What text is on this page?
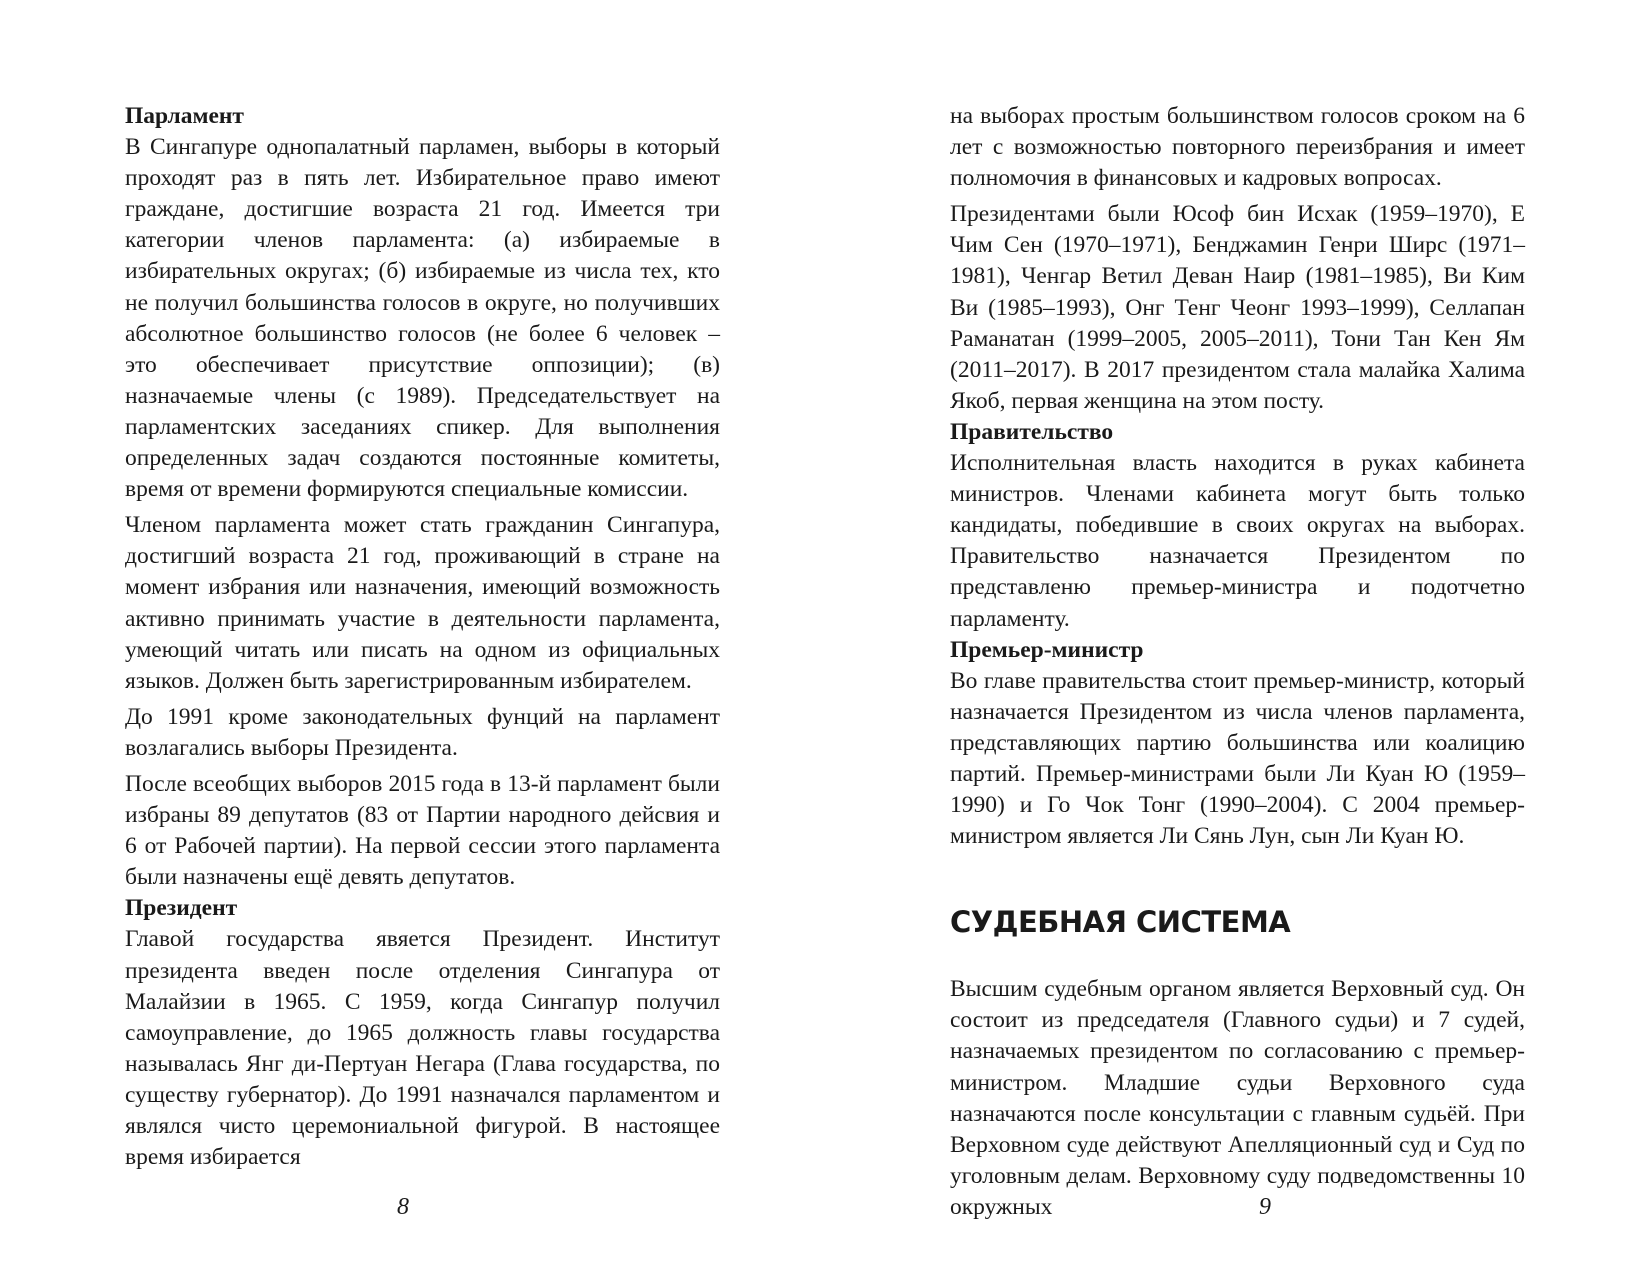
Парламент

В Сингапуре однопалатный парламен, выборы в который проходят раз в пять лет. Избирательное право имеют граждане, достигшие возраста 21 год. Имеется три категории членов парламента: (а) избираемые в избирательных округах; (б) избираемые из числа тех, кто не получил большинства голосов в округе, но получивших абсолютное большинство голосов (не более 6 человек – это обеспечивает присутствие оппозиции); (в) назначаемые члены (с 1989). Председательствует на парламентских заседаниях спикер. Для выполнения определенных задач создаются постоянные комитеты, время от времени формируются специальные комиссии.

Членом парламента может стать гражданин Сингапура, достигший возраста 21 год, проживающий в стране на момент избрания или назначения, имеющий возможность активно принимать участие в деятельности парламента, умеющий читать или писать на одном из официальных языков. Должен быть зарегистрированным избирателем.

До 1991 кроме законодательных фунций на парламент возлагались выборы Президента.

После всеобщих выборов 2015 года в 13-й парламент были избраны 89 депутатов (83 от Партии народного дейсвия и 6 от Рабочей партии). На первой сессии этого парламента были назначены ещё девять депутатов.

Президент

Главой государства явяется Президент. Институт президента введен после отделения Сингапура от Малайзии в 1965. С 1959, когда Сингапур получил самоуправление, до 1965 должность главы государства называлась Янг ди-Пертуан Негара (Глава государства, по существу губернатор). До 1991 назначался парламентом и являлся чисто церемониальной фигурой. В настоящее время избирается

8

на выборах простым большинством голосов сроком на 6 лет с возможностью повторного переизбрания и имеет полномочия в финансовых и кадровых вопросах.

Президентами были Юсоф бин Исхак (1959–1970), Е Чим Сен (1970–1971), Бенджамин Генри Ширс (1971–1981), Ченгар Ветил Деван Наир (1981–1985), Ви Ким Ви (1985–1993), Онг Тенг Чеонг 1993–1999), Селлапан Раманатан (1999–2005, 2005–2011), Тони Тан Кен Ям (2011–2017). В 2017 президентом стала малайка Халима Якоб, первая женщина на этом посту.

Правительство

Исполнительная власть находится в руках кабинета министров. Членами кабинета могут быть только кандидаты, победившие в своих округах на выборах. Правительство назначается Президентом по представленю премьер-министра и подотчетно парламенту.

Премьер-министр

Во главе правительства стоит премьер-министр, который назначается Президентом из числа членов парламента, представляющих партию большинства или коалицию партий. Премьер-министрами были Ли Куан Ю (1959–1990) и Го Чок Тонг (1990–2004). С 2004 премьер-министром является Ли Сянь Лун, сын Ли Куан Ю.

СУДЕБНАЯ СИСТЕМА

Высшим судебным органом является Верховный суд. Он состоит из председателя (Главного судьи) и 7 судей, назначаемых президентом по согласованию с премьер-министром. Младшие судьи Верховного суда назначаются после консультации с главным судьёй. При Верховном суде действуют Апелляционный суд и Суд по уголовным делам. Верховному суду подведомственны 10 окружных	9
